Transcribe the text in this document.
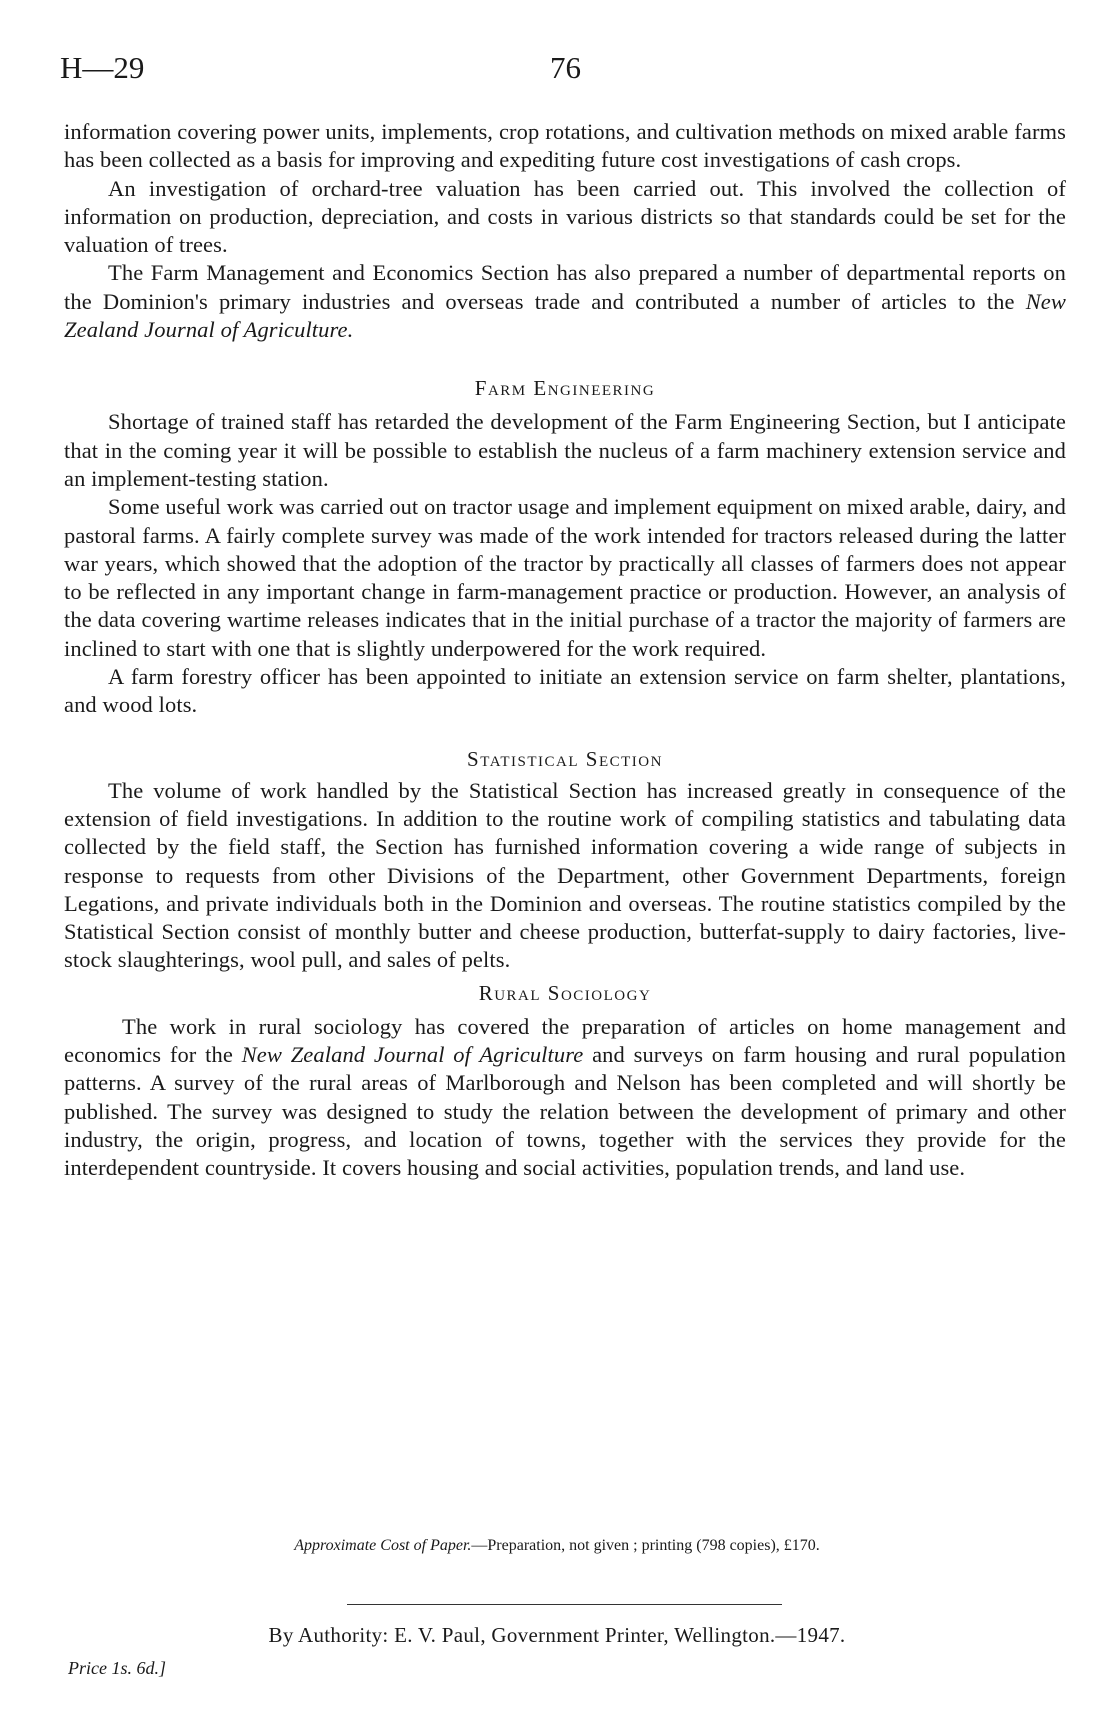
H—29	76

information covering power units, implements, crop rotations, and cultivation methods on mixed arable farms has been collected as a basis for improving and expediting future cost investigations of cash crops.

An investigation of orchard-tree valuation has been carried out. This involved the collection of information on production, depreciation, and costs in various districts so that standards could be set for the valuation of trees.

The Farm Management and Economics Section has also prepared a number of departmental reports on the Dominion's primary industries and overseas trade and contributed a number of articles to the New Zealand Journal of Agriculture.

Farm Engineering

Shortage of trained staff has retarded the development of the Farm Engineering Section, but I anticipate that in the coming year it will be possible to establish the nucleus of a farm machinery extension service and an implement-testing station.

Some useful work was carried out on tractor usage and implement equipment on mixed arable, dairy, and pastoral farms. A fairly complete survey was made of the work intended for tractors released during the latter war years, which showed that the adoption of the tractor by practically all classes of farmers does not appear to be reflected in any important change in farm-management practice or production. However, an analysis of the data covering wartime releases indicates that in the initial purchase of a tractor the majority of farmers are inclined to start with one that is slightly underpowered for the work required.

A farm forestry officer has been appointed to initiate an extension service on farm shelter, plantations, and wood lots.

Statistical Section

The volume of work handled by the Statistical Section has increased greatly in consequence of the extension of field investigations. In addition to the routine work of compiling statistics and tabulating data collected by the field staff, the Section has furnished information covering a wide range of subjects in response to requests from other Divisions of the Department, other Government Departments, foreign Legations, and private individuals both in the Dominion and overseas. The routine statistics compiled by the Statistical Section consist of monthly butter and cheese production, butterfat-supply to dairy factories, live-stock slaughterings, wool pull, and sales of pelts.

Rural Sociology

The work in rural sociology has covered the preparation of articles on home management and economics for the New Zealand Journal of Agriculture and surveys on farm housing and rural population patterns. A survey of the rural areas of Marlborough and Nelson has been completed and will shortly be published. The survey was designed to study the relation between the development of primary and other industry, the origin, progress, and location of towns, together with the services they provide for the interdependent countryside. It covers housing and social activities, population trends, and land use.

Approximate Cost of Paper.—Preparation, not given ; printing (798 copies), £170.
By Authority: E. V. Paul, Government Printer, Wellington.—1947.
Price 1s. 6d.]
